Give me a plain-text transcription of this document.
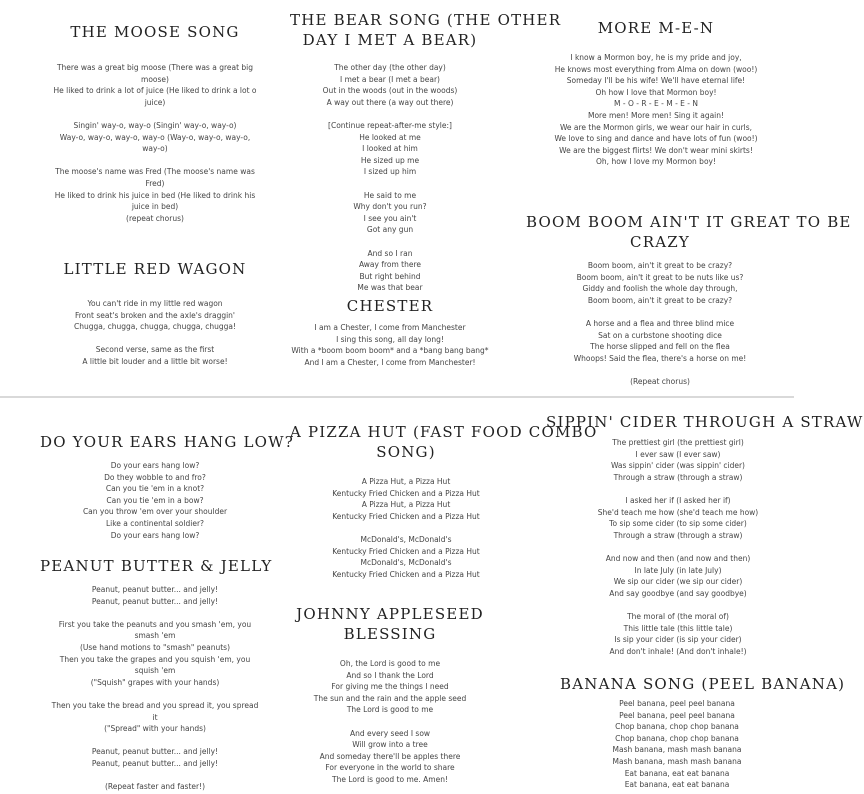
THE MOOSE SONG
There was a great big moose (There was a great big
moose)
He liked to drink a lot of juice (He liked to drink a lot o
juice)
Singin' way-o, way-o (Singin' way-o, way-o)
Way-o, way-o, way-o, way-o (Way-o, way-o, way-o,
way-o)
The moose's name was Fred (The moose's name was
Fred)
He liked to drink his juice in bed (He liked to drink his
juice in bed)
(repeat chorus)
LITTLE RED WAGON
You can't ride in my little red wagon
Front seat's broken and the axle's draggin'
Chugga, chugga, chugga, chugga, chugga!
Second verse, same as the first
A little bit louder and a little bit worse!
THE BEAR SONG (THE OTHER
DAY I MET A BEAR)
The other day (the other day)
I met a bear (I met a bear)
Out in the woods (out in the woods)
A way out there (a way out there)
[Continue repeat-after-me style:]
He looked at me
I looked at him
He sized up me
I sized up him
He said to me
Why don't you run?
I see you ain't
Got any gun
And so I ran
Away from there
But right behind
Me was that bear
CHESTER
I am a Chester, I come from Manchester
I sing this song, all day long!
With a *boom boom boom* and a *bang bang bang*
And I am a Chester, I come from Manchester!
MORE M-E-N
I know a Mormon boy, he is my pride and joy,
He knows most everything from Alma on down (woo!)
Someday I'll be his wife! We'll have eternal life!
Oh how I love that Mormon boy!
M - O - R - E - M - E - N
More men! More men! Sing it again!
We are the Mormon girls, we wear our hair in curls,
We love to sing and dance and have lots of fun (woo!)
We are the biggest flirts! We don't wear mini skirts!
Oh, how I love my Mormon boy!
BOOM BOOM AIN'T IT GREAT TO BE
CRAZY
Boom boom, ain't it great to be crazy?
Boom boom, ain't it great to be nuts like us?
Giddy and foolish the whole day through,
Boom boom, ain't it great to be crazy?
A horse and a flea and three blind mice
Sat on a curbstone shooting dice
The horse slipped and fell on the flea
Whoops! Said the flea, there's a horse on me!
(Repeat chorus)
DO YOUR EARS HANG LOW?
Do your ears hang low?
Do they wobble to and fro?
Can you tie 'em in a knot?
Can you tie 'em in a bow?
Can you throw 'em over your shoulder
Like a continental soldier?
Do your ears hang low?
PEANUT BUTTER & JELLY
Peanut, peanut butter... and jelly!
Peanut, peanut butter... and jelly!
First you take the peanuts and you smash 'em, you
smash 'em
(Use hand motions to "smash" peanuts)
Then you take the grapes and you squish 'em, you
squish 'em
("Squish" grapes with your hands)
Then you take the bread and you spread it, you spread
it
("Spread" with your hands)
Peanut, peanut butter... and jelly!
Peanut, peanut butter... and jelly!
(Repeat faster and faster!)
A PIZZA HUT (FAST FOOD COMBO
SONG)
A Pizza Hut, a Pizza Hut
Kentucky Fried Chicken and a Pizza Hut
A Pizza Hut, a Pizza Hut
Kentucky Fried Chicken and a Pizza Hut
McDonald's, McDonald's
Kentucky Fried Chicken and a Pizza Hut
McDonald's, McDonald's
Kentucky Fried Chicken and a Pizza Hut
JOHNNY APPLESEED
BLESSING
Oh, the Lord is good to me
And so I thank the Lord
For giving me the things I need
The sun and the rain and the apple seed
The Lord is good to me
And every seed I sow
Will grow into a tree
And someday there'll be apples there
For everyone in the world to share
The Lord is good to me. Amen!
SIPPIN' CIDER THROUGH A STRAW
The prettiest girl (the prettiest girl)
I ever saw (I ever saw)
Was sippin' cider (was sippin' cider)
Through a straw (through a straw)
I asked her if (I asked her if)
She'd teach me how (she'd teach me how)
To sip some cider (to sip some cider)
Through a straw (through a straw)
And now and then (and now and then)
In late July (in late July)
We sip our cider (we sip our cider)
And say goodbye (and say goodbye)
The moral of (the moral of)
This little tale (this little tale)
Is sip your cider (is sip your cider)
And don't inhale! (And don't inhale!)
BANANA SONG (PEEL BANANA)
Peel banana, peel peel banana
Peel banana, peel peel banana
Chop banana, chop chop banana
Chop banana, chop chop banana
Mash banana, mash mash banana
Mash banana, mash mash banana
Eat banana, eat eat banana
Eat banana, eat eat banana
